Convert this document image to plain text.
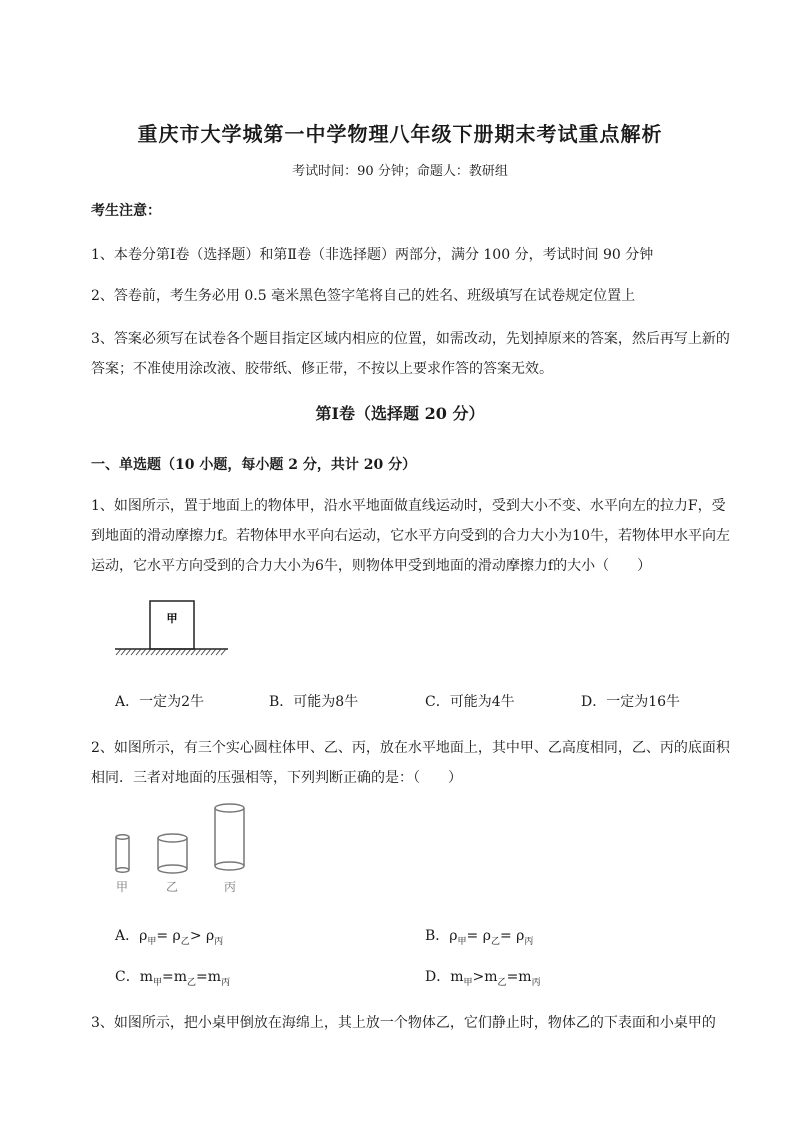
重庆市大学城第一中学物理八年级下册期末考试重点解析
考试时间：90 分钟；命题人：教研组
考生注意：
1、本卷分第I卷（选择题）和第Ⅱ卷（非选择题）两部分，满分 100 分，考试时间 90 分钟
2、答卷前，考生务必用 0.5 毫米黑色签字笔将自己的姓名、班级填写在试卷规定位置上
3、答案必须写在试卷各个题目指定区域内相应的位置，如需改动，先划掉原来的答案，然后再写上新的答案；不准使用涂改液、胶带纸、修正带，不按以上要求作答的答案无效。
第I卷（选择题 20 分）
一、单选题（10 小题，每小题 2 分，共计 20 分）
1、如图所示，置于地面上的物体甲，沿水平地面做直线运动时，受到大小不变、水平向左的拉力F，受到地面的滑动摩擦力f。若物体甲水平向右运动，它水平方向受到的合力大小为10牛，若物体甲水平向左运动，它水平方向受到的合力大小为6牛，则物体甲受到地面的滑动摩擦力f的大小（　　）
甲
A．一定为2牛	B．可能为8牛	C．可能为4牛	D．一定为16牛
2、如图所示，有三个实心圆柱体甲、乙、丙，放在水平地面上，其中甲、乙高度相同，乙、丙的底面积相同．三者对地面的压强相等，下列判断正确的是：（　　）
甲	乙	丙
A．$\rho_甲= \rho_乙> \rho_丙$	B．$\rho_甲= \rho_乙= \rho_丙$
C．$m_甲=m_乙=m_丙$	D．$m_甲>m_乙=m_丙$
3、如图所示，把小桌甲倒放在海绵上，其上放一个物体乙，它们静止时，物体乙的下表面和小桌甲的
